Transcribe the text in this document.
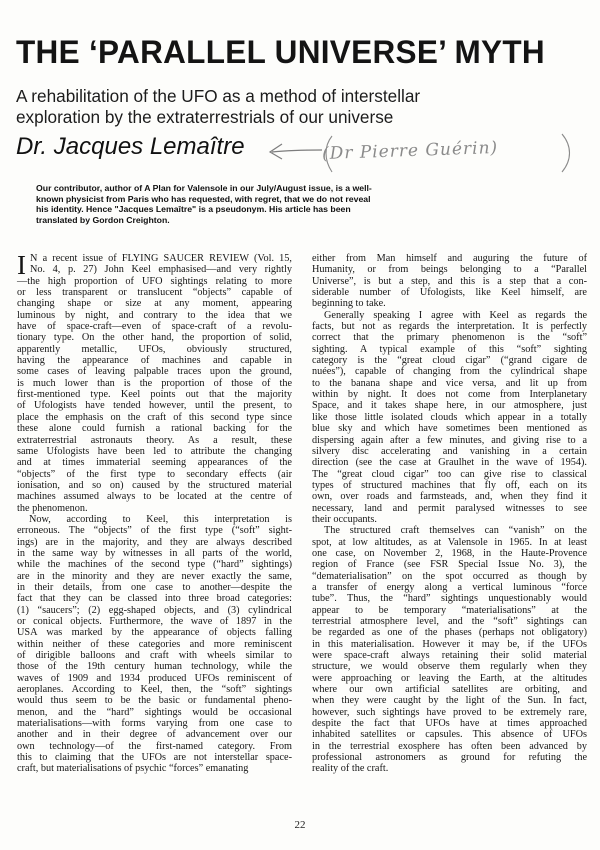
THE ‘PARALLEL UNIVERSE’ MYTH
A rehabilitation of the UFO as a method of interstellar
exploration by the extraterrestrials of our universe
Dr. Jacques Lemaître	(Dr Pierre Guérin)
Our contributor, author of A Plan for Valensole in our July/August issue, is a well-
known physicist from Paris who has requested, with regret, that we do not reveal
his identity. Hence "Jacques Lemaître" is a pseudonym. His article has been
translated by Gordon Creighton.
I N a recent issue of FLYING SAUCER REVIEW (Vol. 15,
No. 4, p. 27) John Keel emphasised—and very rightly
—the high proportion of UFO sightings relating to more
or less transparent or translucent “objects” capable of
changing shape or size at any moment, appearing
luminous by night, and contrary to the idea that we
have of space-craft—even of space-craft of a revolu-
tionary type. On the other hand, the proportion of solid,
apparently metallic, UFOs, obviously structured,
having the appearance of machines and capable in
some cases of leaving palpable traces upon the ground,
is much lower than is the proportion of those of the
first-mentioned type. Keel points out that the majority
of Ufologists have tended however, until the present, to
place the emphasis on the craft of this second type since
these alone could furnish a rational backing for the
extraterrestrial astronauts theory. As a result, these
same Ufologists have been led to attribute the changing
and at times immaterial seeming appearances of the
“objects” of the first type to secondary effects (air
ionisation, and so on) caused by the structured material
machines assumed always to be located at the centre of
the phenomenon.
Now, according to Keel, this interpretation is
erroneous. The “objects” of the first type (“soft” sight-
ings) are in the majority, and they are always described
in the same way by witnesses in all parts of the world,
while the machines of the second type (“hard” sightings)
are in the minority and they are never exactly the same,
in their details, from one case to another—despite the
fact that they can be classed into three broad categories:
(1) “saucers”; (2) egg-shaped objects, and (3) cylindrical
or conical objects. Furthermore, the wave of 1897 in the
USA was marked by the appearance of objects falling
within neither of these categories and more reminiscent
of dirigible balloons and craft with wheels similar to
those of the 19th century human technology, while the
waves of 1909 and 1934 produced UFOs reminiscent of
aeroplanes. According to Keel, then, the “soft” sightings
would thus seem to be the basic or fundamental pheno-
menon, and the “hard” sightings would be occasional
materialisations—with forms varying from one case to
another and in their degree of advancement over our
own technology—of the first-named category. From
this to claiming that the UFOs are not interstellar space-
craft, but materialisations of psychic “forces” emanating
either from Man himself and auguring the future of
Humanity, or from beings belonging to a “Parallel
Universe”, is but a step, and this is a step that a con-
siderable number of Ufologists, like Keel himself, are
beginning to take.
Generally speaking I agree with Keel as regards the
facts, but not as regards the interpretation. It is perfectly
correct that the primary phenomenon is the “soft”
sighting. A typical example of this “soft” sighting
category is the “great cloud cigar” (“grand cigare de
nuées”), capable of changing from the cylindrical shape
to the banana shape and vice versa, and lit up from
within by night. It does not come from Interplanetary
Space, and it takes shape here, in our atmosphere, just
like those little isolated clouds which appear in a totally
blue sky and which have sometimes been mentioned as
dispersing again after a few minutes, and giving rise to a
silvery disc accelerating and vanishing in a certain
direction (see the case at Graulhet in the wave of 1954).
The “great cloud cigar” too can give rise to classical
types of structured machines that fly off, each on its
own, over roads and farmsteads, and, when they find it
necessary, land and permit paralysed witnesses to see
their occupants.
The structured craft themselves can “vanish” on the
spot, at low altitudes, as at Valensole in 1965. In at least
one case, on November 2, 1968, in the Haute-Provence
region of France (see FSR Special Issue No. 3), the
“dematerialisation” on the spot occurred as though by
a transfer of energy along a vertical luminous “force
tube”. Thus, the “hard” sightings unquestionably would
appear to be temporary “materialisations” at the
terrestrial atmosphere level, and the “soft” sightings can
be regarded as one of the phases (perhaps not obligatory)
in this materialisation. However it may be, if the UFOs
were space-craft always retaining their solid material
structure, we would observe them regularly when they
were approaching or leaving the Earth, at the altitudes
where our own artificial satellites are orbiting, and
when they were caught by the light of the Sun. In fact,
however, such sightings have proved to be extremely rare,
despite the fact that UFOs have at times approached
inhabited satellites or capsules. This absence of UFOs
in the terrestrial exosphere has often been advanced by
professional astronomers as ground for refuting the
reality of the craft.
22
